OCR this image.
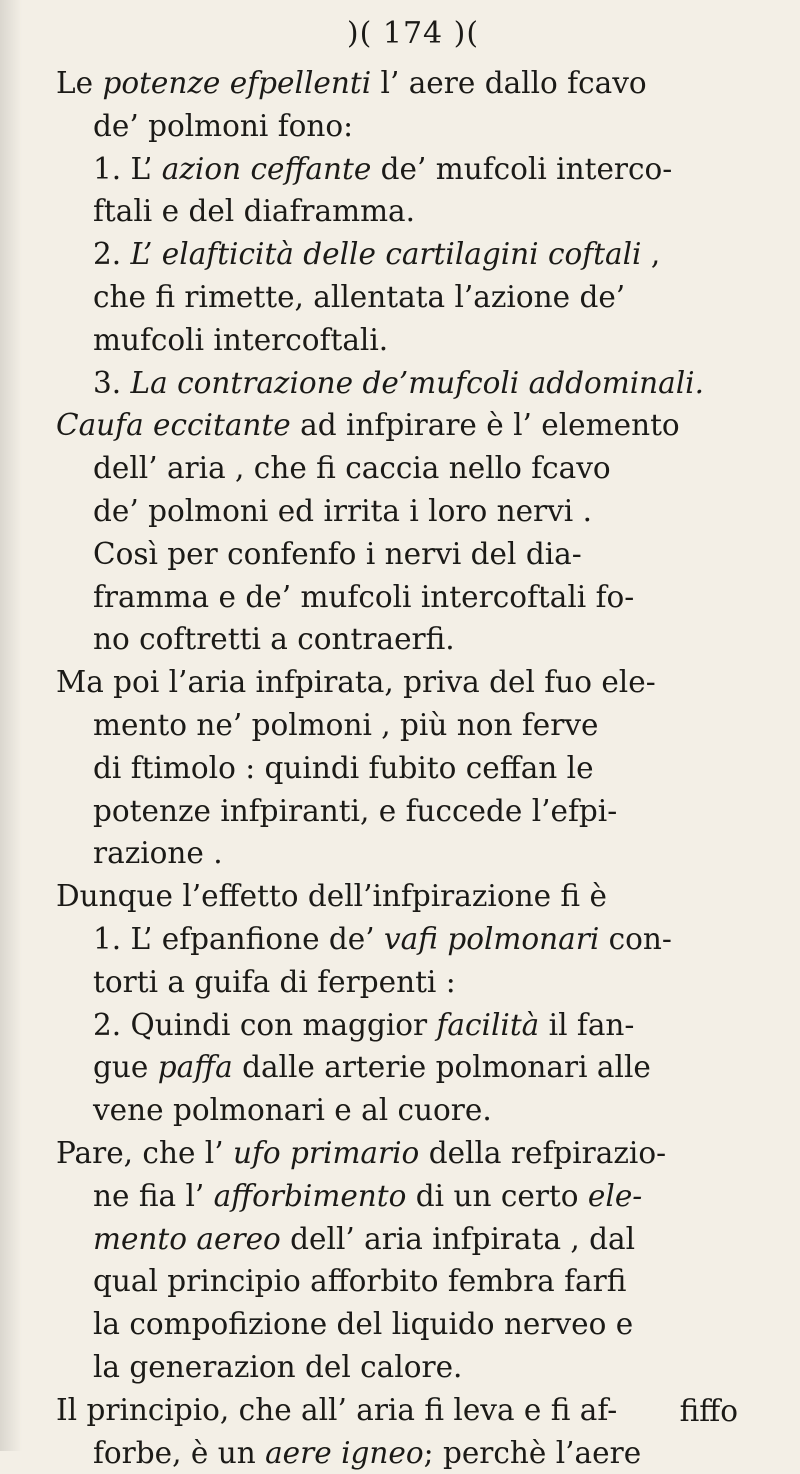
)( 174 )(
Le potenze efpellenti l’ aere dallo fcavo
de’ polmoni fono:
1. L’ azion ceffante de’ mufcoli interco-
ftali e del diaframma.
2. L’ elafticità delle cartilagini coftali ,
che fi rimette, allentata l’azione de’
mufcoli intercoftali.
3. La contrazione de’mufcoli addominali.
Caufa eccitante ad infpirare è l’ elemento
dell’ aria , che fi caccia nello fcavo
de’ polmoni ed irrita i loro nervi .
Così per confenfo i nervi del dia-
framma e de’ mufcoli intercoftali fo-
no coftretti a contraerfi.
Ma poi l’aria infpirata, priva del fuo ele-
mento ne’ polmoni , più non ferve
di ftimolo : quindi fubito ceffan le
potenze infpiranti, e fuccede l’efpi-
razione .
Dunque l’effetto dell’infpirazione fi è
1. L’ efpanfione de’ vafi polmonari con-
torti a guifa di ferpenti :
2. Quindi con maggior facilità il fan-
gue paffa dalle arterie polmonari alle
vene polmonari e al cuore.
Pare, che l’ ufo primario della refpirazio-
ne fia l’ afforbimento di un certo ele-
mento aereo dell’ aria infpirata , dal
qual principio afforbito fembra farfi
la compofizione del liquido nerveo e
la generazion del calore.
Il principio, che all’ aria fi leva e fi af-
forbe, è un aere igneo; perchè l’aere
fiffo
